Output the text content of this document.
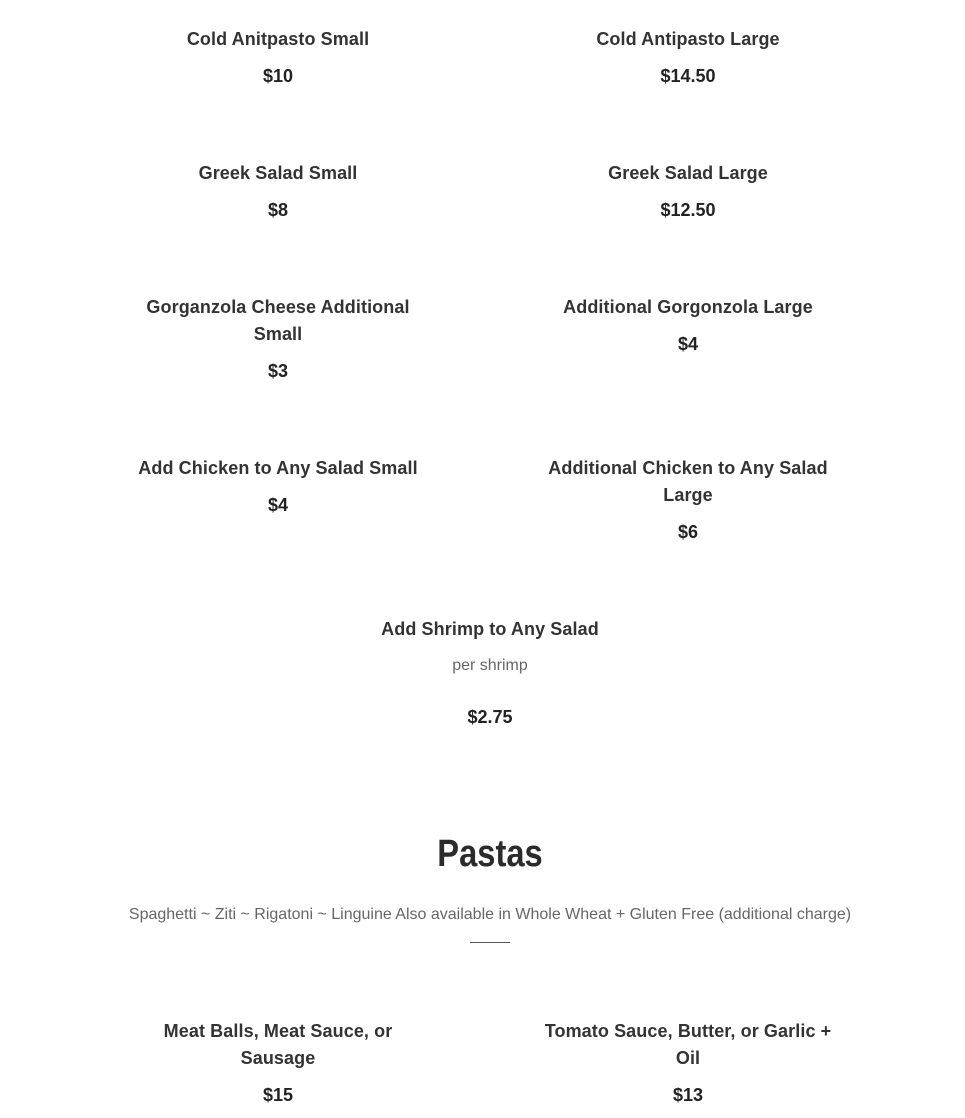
Cold Anitpasto Small
$10
Cold Antipasto Large
$14.50
Greek Salad Small
$8
Greek Salad Large
$12.50
Gorganzola Cheese Additional Small
$3
Additional Gorgonzola Large
$4
Add Chicken to Any Salad Small
$4
Additional Chicken to Any Salad Large
$6
Add Shrimp to Any Salad
per shrimp
$2.75
Pastas
Spaghetti ~ Ziti ~ Rigatoni ~ Linguine Also available in Whole Wheat + Gluten Free (additional charge)
Meat Balls, Meat Sauce, or Sausage
$15
Tomato Sauce, Butter, or Garlic + Oil
$13
